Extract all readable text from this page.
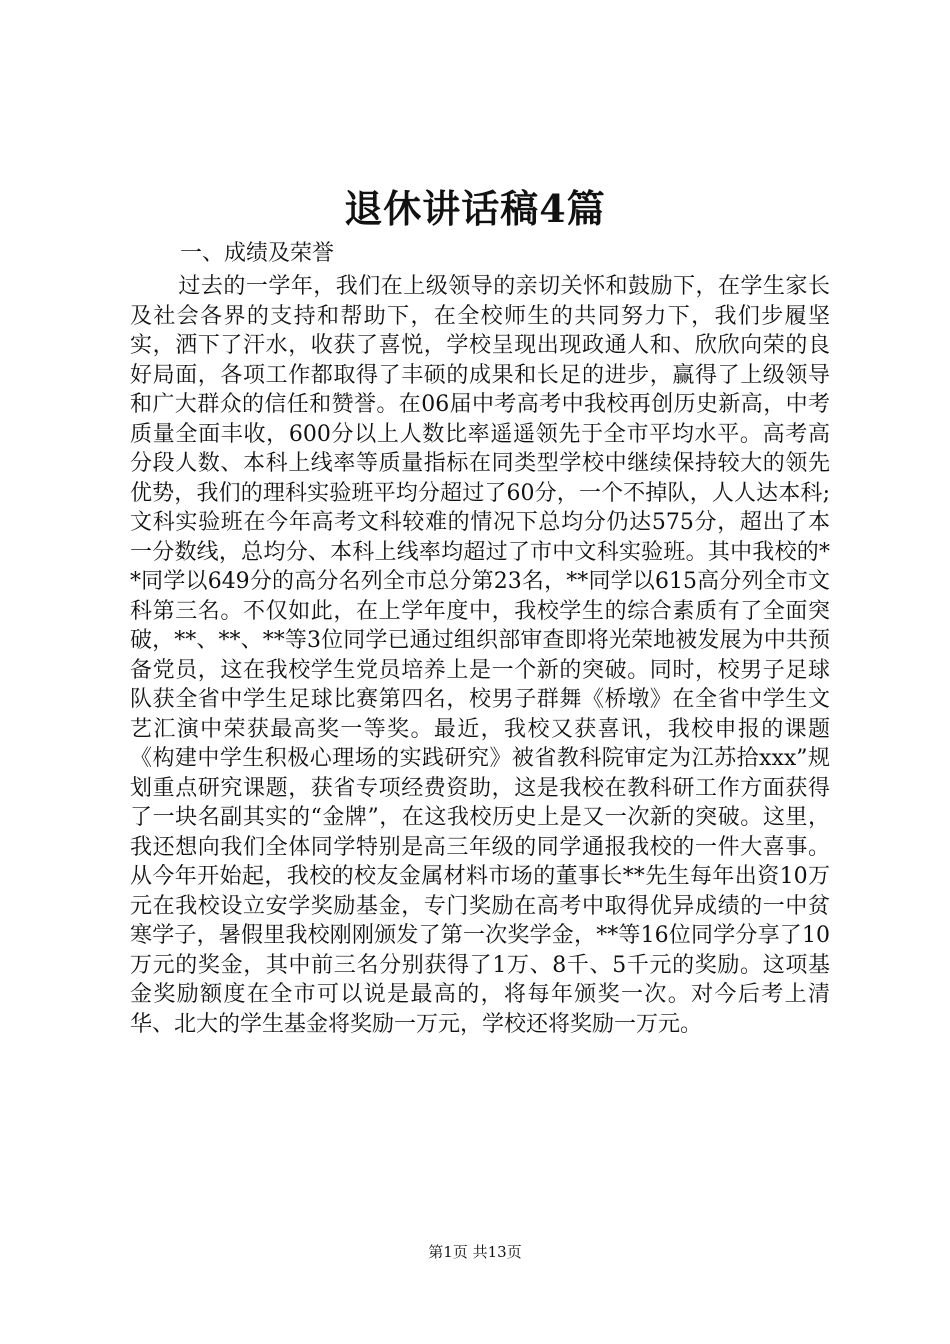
退休讲话稿4篇
一、成绩及荣誉
过去的一学年，我们在上级领导的亲切关怀和鼓励下，在学生家长及社会各界的支持和帮助下，在全校师生的共同努力下，我们步履坚实，洒下了汗水，收获了喜悦，学校呈现出现政通人和、欣欣向荣的良好局面，各项工作都取得了丰硕的成果和长足的进步，赢得了上级领导和广大群众的信任和赞誉。在06届中考高考中我校再创历史新高，中考质量全面丰收，600分以上人数比率遥遥领先于全市平均水平。高考高分段人数、本科上线率等质量指标在同类型学校中继续保持较大的领先优势，我们的理科实验班平均分超过了60分，一个不掉队，人人达本科;文科实验班在今年高考文科较难的情况下总均分仍达575分，超出了本一分数线，总均分、本科上线率均超过了市中文科实验班。其中我校的**同学以649分的高分名列全市总分第23名，**同学以615高分列全市文科第三名。不仅如此，在上学年度中，我校学生的综合素质有了全面突破，**、**、**等3位同学已通过组织部审查即将光荣地被发展为中共预备党员，这在我校学生党员培养上是一个新的突破。同时，校男子足球队获全省中学生足球比赛第四名，校男子群舞《桥墩》在全省中学生文艺汇演中荣获最高奖一等奖。最近，我校又获喜讯，我校申报的课题《构建中学生积极心理场的实践研究》被省教科院审定为江苏拾xxx”规划重点研究课题，获省专项经费资助，这是我校在教科研工作方面获得了一块名副其实的“金牌”，在这我校历史上是又一次新的突破。这里，我还想向我们全体同学特别是高三年级的同学通报我校的一件大喜事。从今年开始起，我校的校友金属材料市场的董事长**先生每年出资10万元在我校设立安学奖励基金，专门奖励在高考中取得优异成绩的一中贫寒学子，暑假里我校刚刚颁发了第一次奖学金，**等16位同学分享了10万元的奖金，其中前三名分别获得了1万、8千、5千元的奖励。这项基金奖励额度在全市可以说是最高的，将每年颁奖一次。对今后考上清华、北大的学生基金将奖励一万元，学校还将奖励一万元。
第1页 共13页
